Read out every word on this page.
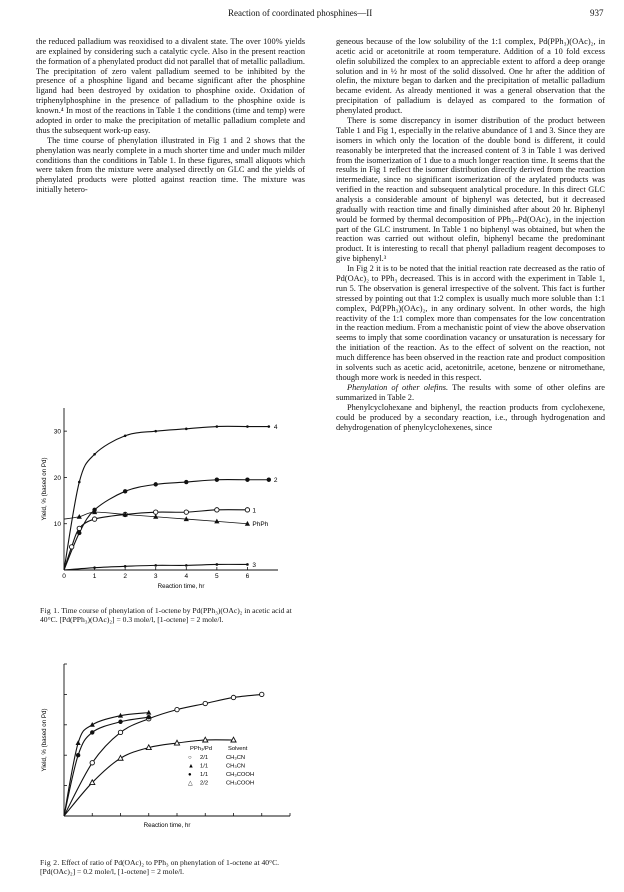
Reaction of coordinated phosphines—II	937

the reduced palladium was reoxidised to a divalent state. The over 100% yields are explained by considering such a catalytic cycle. Also in the present reaction the formation of a phenylated product did not parallel that of metallic palladium. The precipitation of zero valent palladium seemed to be inhibited by the presence of a phosphine ligand and became significant after the phosphine ligand had been destroyed by oxidation to phosphine oxide. Oxidation of triphenylphosphine in the presence of palladium to the phosphine oxide is known.⁴ In most of the reactions in Table 1 the conditions (time and temp) were adopted in order to make the precipitation of metallic palladium complete and thus the subsequent work-up easy.

The time course of phenylation illustrated in Fig 1 and 2 shows that the phenylation was nearly complete in a much shorter time and under much milder conditions than the conditions in Table 1. In these figures, small aliquots which were taken from the mixture were analysed directly on GLC and the yields of phenylated products were plotted against reaction time. The mixture was initially hetero-

geneous because of the low solubility of the 1:1 complex, Pd(PPh₃)(OAc)₂, in acetic acid or acetonitrile at room temperature. Addition of a 10 fold excess olefin solubilized the complex to an appreciable extent to afford a deep orange solution and in ½ hr most of the solid dissolved. One hr after the addition of olefin, the mixture began to darken and the precipitation of metallic palladium became evident. As already mentioned it was a general observation that the precipitation of palladium is delayed as compared to the formation of phenylated product.

There is some discrepancy in isomer distribution of the product between Table 1 and Fig 1, especially in the relative abundance of 1 and 3. Since they are isomers in which only the location of the double bond is different, it could reasonably be interpreted that the increased content of 3 in Table 1 was derived from the isomerization of 1 due to a much longer reaction time. It seems that the results in Fig 1 reflect the isomer distribution directly derived from the reaction intermediate, since no significant isomerization of the arylated products was verified in the reaction and subsequent analytical procedure. In this direct GLC analysis a considerable amount of biphenyl was detected, but it decreased gradually with reaction time and finally diminished after about 20 hr. Biphenyl would be formed by thermal decomposition of PPh₃–Pd(OAc)₂ in the injection part of the GLC instrument. In Table 1 no biphenyl was obtained, but when the reaction was carried out without olefin, biphenyl became the predominant product. It is interesting to recall that phenyl palladium reagent decomposes to give biphenyl.³

In Fig 2 it is to be noted that the initial reaction rate decreased as the ratio of Pd(OAc)₂ to PPh₃ decreased. This is in accord with the experiment in Table 1, run 5. The observation is general irrespective of the solvent. This fact is further stressed by pointing out that 1:2 complex is usually much more soluble than 1:1 complex, Pd(PPh₃)(OAc)₂, in any ordinary solvent. In other words, the high reactivity of the 1:1 complex more than compensates for the low concentration in the reaction medium. From a mechanistic point of view the above observation seems to imply that some coordination vacancy or unsaturation is necessary for the initiation of the reaction. As to the effect of solvent on the reaction, not much difference has been observed in the reaction rate and product composition in solvents such as acetic acid, acetonitrile, acetone, benzene or nitromethane, though more work is needed in this respect.

Phenylation of other olefins. The results with some of other olefins are summarized in Table 2.

Phenylcyclohexane and biphenyl, the reaction products from cyclohexene, could be produced by a secondary reaction, i.e., through hydrogenation and dehydrogenation of phenylcyclohexenes, since

10
20
30
1	2	3	4	5	6
0
Reaction time, hr
Yield, % (based on Pd)
4
2
1
PhPh
3
Fig 1. Time course of phenylation of 1-octene by Pd(PPh₃)(OAc)₂ in acetic acid at 40°C. [Pd(PPh₃)(OAc)₂] = 0.3 mole/l, [1-octene] = 2 mole/l.
Reaction time, hr
Yield, % (based on Pd)	PPh₃/Pd	Solvent
○ 2/1	CH₃CN
▲ 1/1	CH₃CN
● 1/1	CH₃COOH
△ 2/2	CH₃COOH
Fig 2. Effect of ratio of Pd(OAc)₂ to PPh₃ on phenylation of 1-octene at 40°C. [Pd(OAc)₂] = 0.2 mole/l, [1-octene] = 2 mole/l.
